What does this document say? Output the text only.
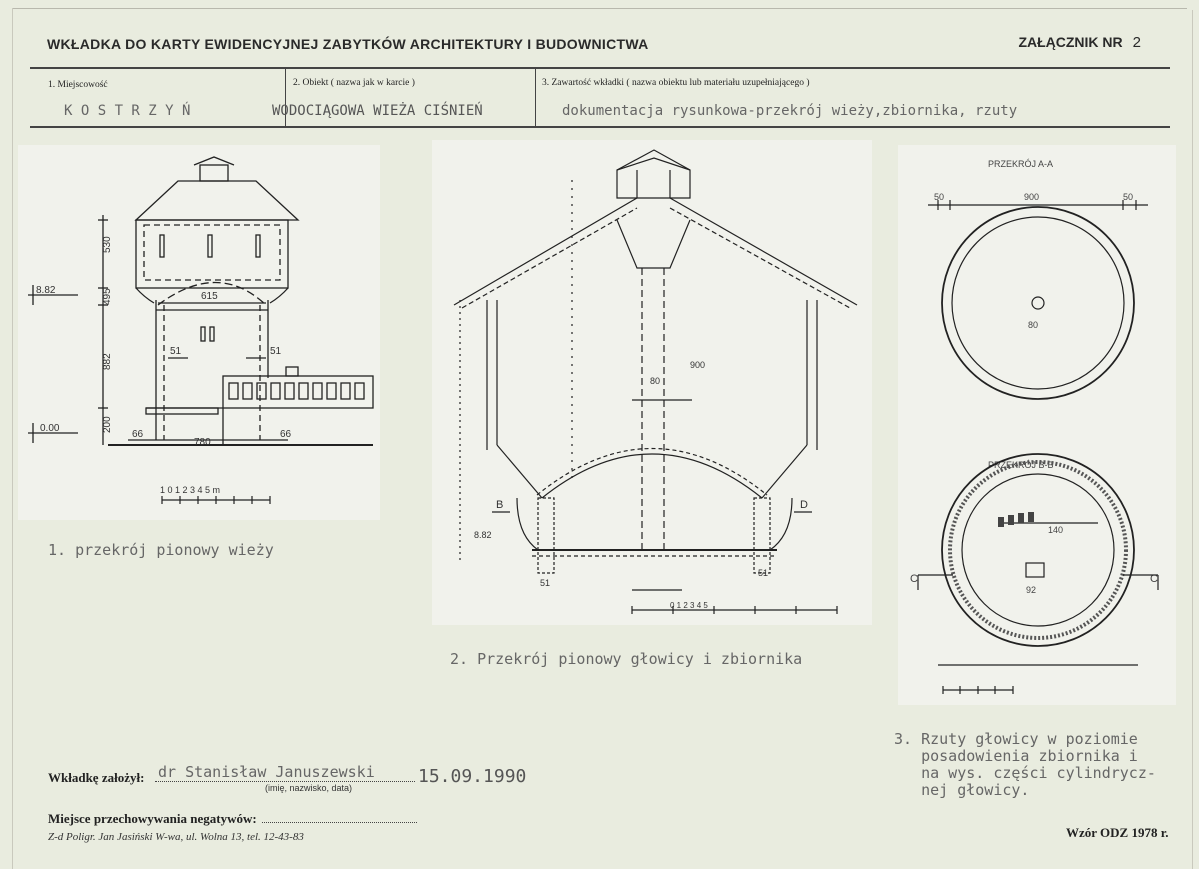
WKŁADKA DO KARTY EWIDENCYJNEJ ZABYTKÓW ARCHITEKTURY I BUDOWNICTWA	ZAŁĄCZNIK NR 2
1. Miejscowość	2. Obiekt ( nazwa jak w karcie )	3. Zawartość wkładki ( nazwa obiektu lub materiału uzupełniającego )
K O S T R Z Y Ń	WODOCIĄGOWA WIEŻA CIŚNIEŃ	dokumentacja rysunkowa-przekrój wieży,zbiornika, rzuty
530
495
882
200
8.82
0.00
615
51	51
66
780
66
1 0 1 2 3 4 5 m
1. przekrój pionowy wieży
900
80
8.82
51
51
B	D
0 1 2 3 4 5
2. Przekrój pionowy głowicy i zbiornika
PRZEKRÓJ A-A
PRZEKRÓJ B-B
50	900	50
80
140
92
C	C
3. Rzuty głowicy w poziomie
posadowienia zbiornika i
na wys. części cylindrycz-
nej głowicy.
Wkładkę założył: dr Stanisław Januszewski 15.09.1990
(imię, nazwisko, data)
Miejsce przechowywania negatywów:
Z-d Poligr. Jan Jasiński W-wa, ul. Wolna 13, tel. 12-43-83	Wzór ODZ 1978 r.
